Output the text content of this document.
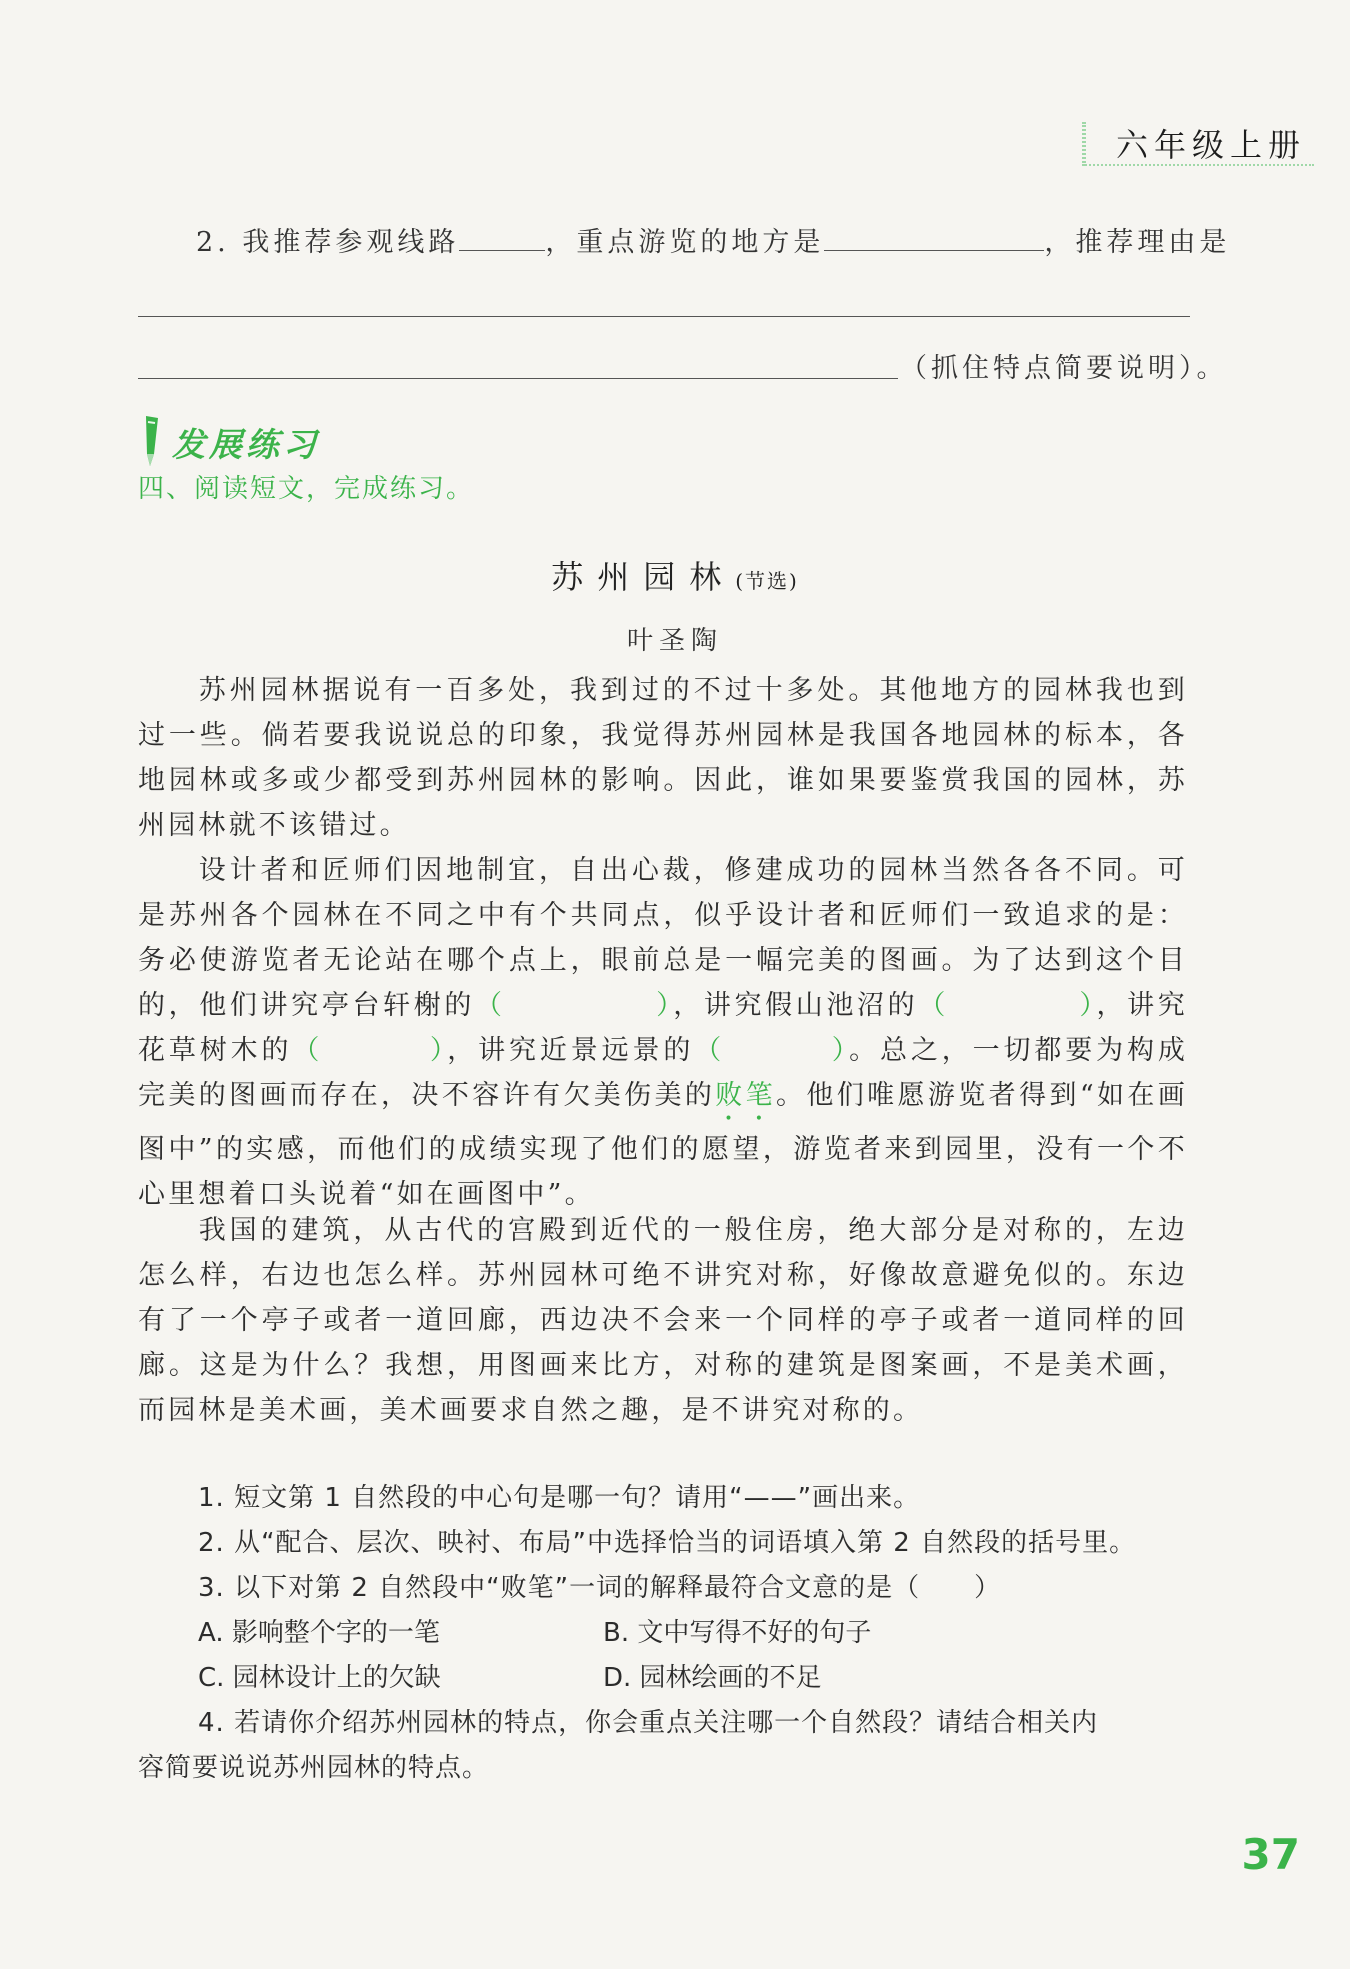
六年级上册
2. 我推荐参观线路	，重点游览的地方是	，推荐理由是
（抓住特点简要说明）。
发展练习
四、阅读短文，完成练习。
苏州园林(节选)
叶圣陶

苏州园林据说有一百多处，我到过的不过十多处。其他地方的园林我也到过一些。倘若要我说说总的印象，我觉得苏州园林是我国各地园林的标本，各地园林或多或少都受到苏州园林的影响。因此，谁如果要鉴赏我国的园林，苏州园林就不该错过。

设计者和匠师们因地制宜，自出心裁，修建成功的园林当然各各不同。可是苏州各个园林在不同之中有个共同点，似乎设计者和匠师们一致追求的是：务必使游览者无论站在哪个点上，眼前总是一幅完美的图画。为了达到这个目的，他们讲究亭台轩榭的（	），讲究假山池沼的（	），讲究花草树木的（	），讲究近景远景的（	）。总之，一切都要为构成完美的图画而存在，决不容许有欠美伤美的败笔。他们唯愿游览者得到“如在画图中”的实感，而他们的成绩实现了他们的愿望，游览者来到园里，没有一个不心里想着口头说着“如在画图中”。

我国的建筑，从古代的宫殿到近代的一般住房，绝大部分是对称的，左边怎么样，右边也怎么样。苏州园林可绝不讲究对称，好像故意避免似的。东边有了一个亭子或者一道回廊，西边决不会来一个同样的亭子或者一道同样的回廊。这是为什么？我想，用图画来比方，对称的建筑是图案画，不是美术画，而园林是美术画，美术画要求自然之趣，是不讲究对称的。

1. 短文第 1 自然段的中心句是哪一句？请用“——”画出来。
2. 从“配合、层次、映衬、布局”中选择恰当的词语填入第 2 自然段的括号里。
3. 以下对第 2 自然段中“败笔”一词的解释最符合文意的是（　　）
A. 影响整个字的一笔	B. 文中写得不好的句子
C. 园林设计上的欠缺	D. 园林绘画的不足
4. 若请你介绍苏州园林的特点，你会重点关注哪一个自然段？请结合相关内
容简要说说苏州园林的特点。
37
